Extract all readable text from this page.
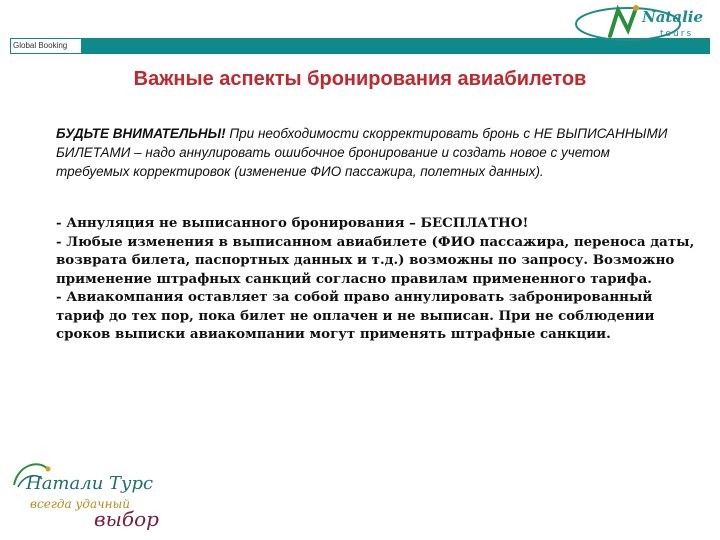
Global Booking
Natalie
tours
Важные аспекты бронирования авиабилетов
БУДЬТЕ ВНИМАТЕЛЬНЫ! При необходимости скорректировать бронь с НЕ ВЫПИСАННЫМИ БИЛЕТАМИ – надо аннулировать ошибочное бронирование и создать новое с учетом требуемых корректировок (изменение ФИО пассажира, полетных данных).

- Аннуляция не выписанного бронирования – БЕСПЛАТНО!

- Любые изменения в выписанном авиабилете (ФИО пассажира, переноса даты, возврата билета, паспортных данных и т.д.) возможны по запросу. Возможно применение штрафных санкций согласно правилам примененного тарифа.

- Авиакомпания оставляет за собой право аннулировать забронированный тариф до тех пор, пока билет не оплачен и не выписан. При не соблюдении сроков выписки авиакомпании могут применять штрафные санкции.

Натали Турс
всегда удачный
выбор
